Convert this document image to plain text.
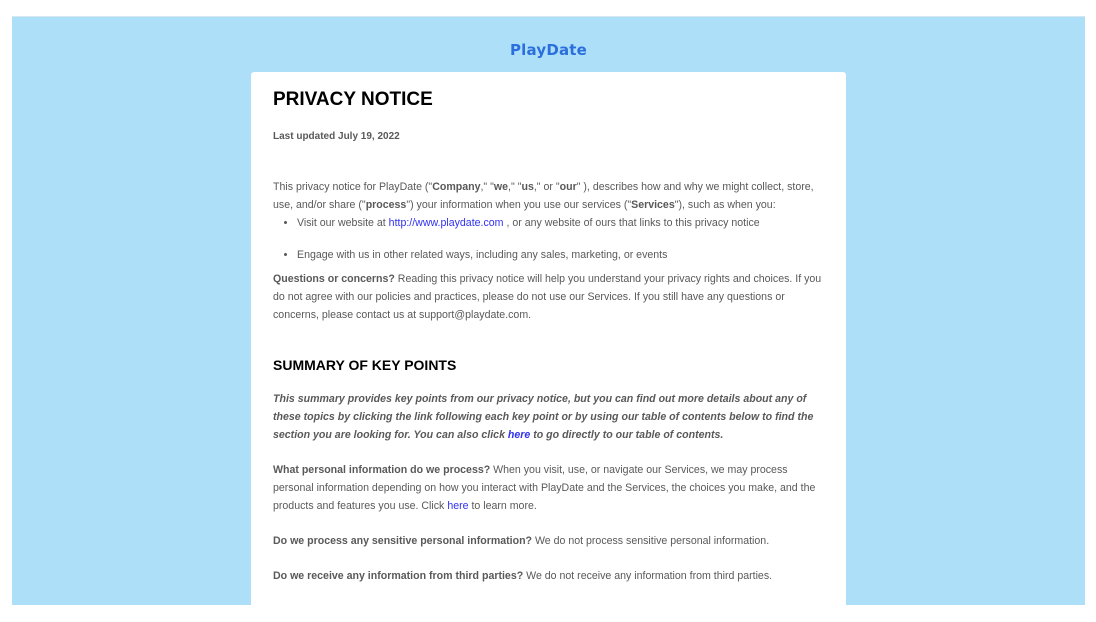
PlayDate
PRIVACY NOTICE
Last updated July 19, 2022

This privacy notice for PlayDate ("Company," "we," "us," or "our" ), describes how and why we might collect, store, use, and/or share ("process") your information when you use our services ("Services"), such as when you:

• Visit our website at http://www.playdate.com , or any website of ours that links to this privacy notice
• Engage with us in other related ways, including any sales, marketing, or events

Questions or concerns? Reading this privacy notice will help you understand your privacy rights and choices. If you do not agree with our policies and practices, please do not use our Services. If you still have any questions or concerns, please contact us at support@playdate.com.

SUMMARY OF KEY POINTS

This summary provides key points from our privacy notice, but you can find out more details about any of these topics by clicking the link following each key point or by using our table of contents below to find the section you are looking for. You can also click here to go directly to our table of contents.

What personal information do we process? When you visit, use, or navigate our Services, we may process personal information depending on how you interact with PlayDate and the Services, the choices you make, and the products and features you use. Click here to learn more.

Do we process any sensitive personal information? We do not process sensitive personal information.

Do we receive any information from third parties? We do not receive any information from third parties.
